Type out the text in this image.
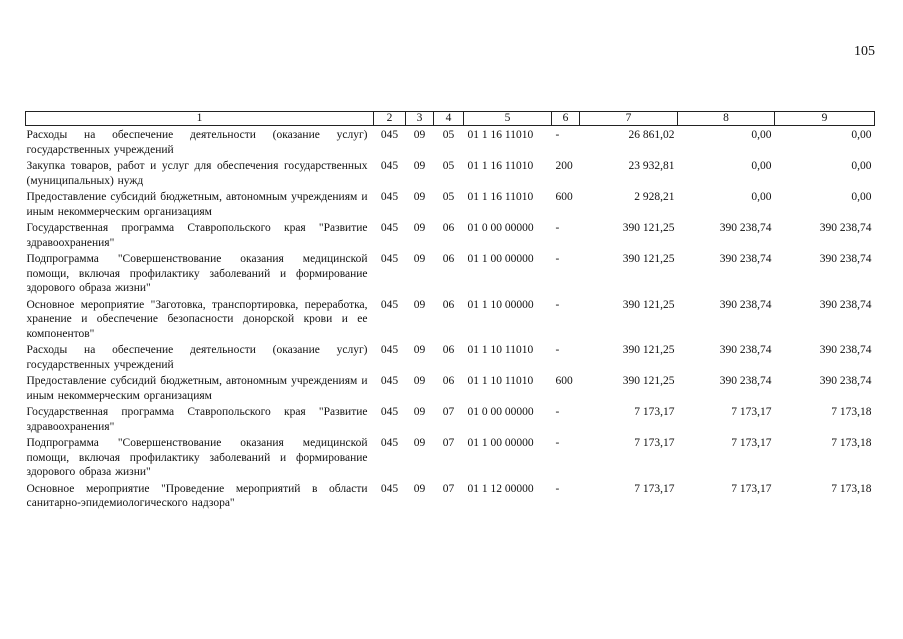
105
1	2	3	4	5	6	7	8	9
Расходы на обеспечение деятельности (оказание услуг) государственных учреждений	045	09	05	01 1 16 11010	-	26 861,02	0,00	0,00
Закупка товаров, работ и услуг для обеспечения государственных (муниципальных) нужд	045	09	05	01 1 16 11010	200	23 932,81	0,00	0,00
Предоставление субсидий бюджетным, автономным учреждениям и иным некоммерческим организациям	045	09	05	01 1 16 11010	600	2 928,21	0,00	0,00
Государственная программа Ставропольского края "Развитие здравоохранения"	045	09	06	01 0 00 00000	-	390 121,25	390 238,74	390 238,74
Подпрограмма "Совершенствование оказания медицинской помощи, включая профилактику заболеваний и формирование здорового образа жизни"	045	09	06	01 1 00 00000	-	390 121,25	390 238,74	390 238,74
Основное мероприятие "Заготовка, транспортировка, переработка, хранение и обеспечение безопасности донорской крови и ее компонентов"	045	09	06	01 1 10 00000	-	390 121,25	390 238,74	390 238,74
Расходы на обеспечение деятельности (оказание услуг) государственных учреждений	045	09	06	01 1 10 11010	-	390 121,25	390 238,74	390 238,74
Предоставление субсидий бюджетным, автономным учреждениям и иным некоммерческим организациям	045	09	06	01 1 10 11010	600	390 121,25	390 238,74	390 238,74
Государственная программа Ставропольского края "Развитие здравоохранения"	045	09	07	01 0 00 00000	-	7 173,17	7 173,17	7 173,18
Подпрограмма "Совершенствование оказания медицинской помощи, включая профилактику заболеваний и формирование здорового образа жизни"	045	09	07	01 1 00 00000	-	7 173,17	7 173,17	7 173,18
Основное мероприятие "Проведение мероприятий в области санитарно-эпидемиологического надзора"	045	09	07	01 1 12 00000	-	7 173,17	7 173,17	7 173,18
